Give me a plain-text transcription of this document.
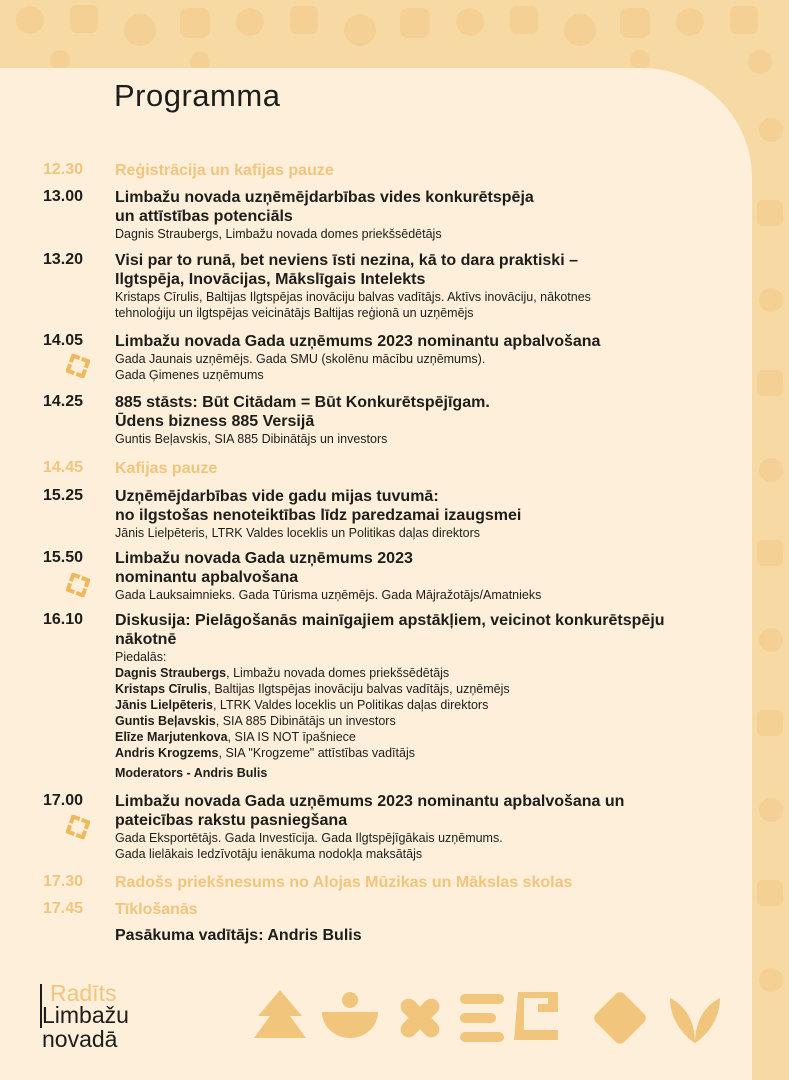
Programma
12.30	Reģistrācija un kafijas pauze
13.00	Limbažu novada uzņēmējdarbības vides konkurētspēja
un attīstības potenciāls
Dagnis Straubergs, Limbažu novada domes priekšsēdētājs
13.20	Visi par to runā, bet neviens īsti nezina, kā to dara praktiski –
Ilgtspēja, Inovācijas, Mākslīgais Intelekts
Kristaps Cīrulis, Baltijas Ilgtspējas inovāciju balvas vadītājs. Aktīvs inovāciju, nākotnes
tehnoloģiju un ilgtspējas veicinātājs Baltijas reģionā un uzņēmējs
14.05	Limbažu novada Gada uzņēmums 2023 nominantu apbalvošana
Gada Jaunais uzņēmējs. Gada SMU (skolēnu mācību uzņēmums).
Gada Ģimenes uzņēmums
14.25	885 stāsts: Būt Citādam = Būt Konkurētspējīgam.
Ūdens bizness 885 Versijā
Guntis Beļavskis, SIA 885 Dibinātājs un investors
14.45	Kafijas pauze
15.25	Uzņēmējdarbības vide gadu mijas tuvumā:
no ilgstošas nenoteiktības līdz paredzamai izaugsmei
Jānis Lielpēteris, LTRK Valdes loceklis un Politikas daļas direktors
15.50	Limbažu novada Gada uzņēmums 2023
nominantu apbalvošana
Gada Lauksaimnieks. Gada Tūrisma uzņēmējs. Gada Mājražotājs/Amatnieks
16.10	Diskusija: Pielāgošanās mainīgajiem apstākļiem, veicinot konkurētspēju
nākotnē
Piedalās:
Dagnis Straubergs, Limbažu novada domes priekšsēdētājs
Kristaps Cīrulis, Baltijas Ilgtspējas inovāciju balvas vadītājs, uzņēmējs
Jānis Lielpēteris, LTRK Valdes loceklis un Politikas daļas direktors
Guntis Beļavskis, SIA 885 Dibinātājs un investors
Elīze Marjutenkova, SIA IS NOT īpašniece
Andris Krogzems, SIA "Krogzeme" attīstības vadītājs
Moderators - Andris Bulis
17.00	Limbažu novada Gada uzņēmums 2023 nominantu apbalvošana un
pateicības rakstu pasniegšana
Gada Eksportētājs. Gada Investīcija. Gada Ilgtspējīgākais uzņēmums.
Gada lielākais Iedzīvotāju ienākuma nodokļa maksātājs
17.30	Radošs priekšnesums no Alojas Mūzikas un Mākslas skolas
17.45	Tīklošanās
Pasākuma vadītājs: Andris Bulis
Radīts
Limbažu
novadā
